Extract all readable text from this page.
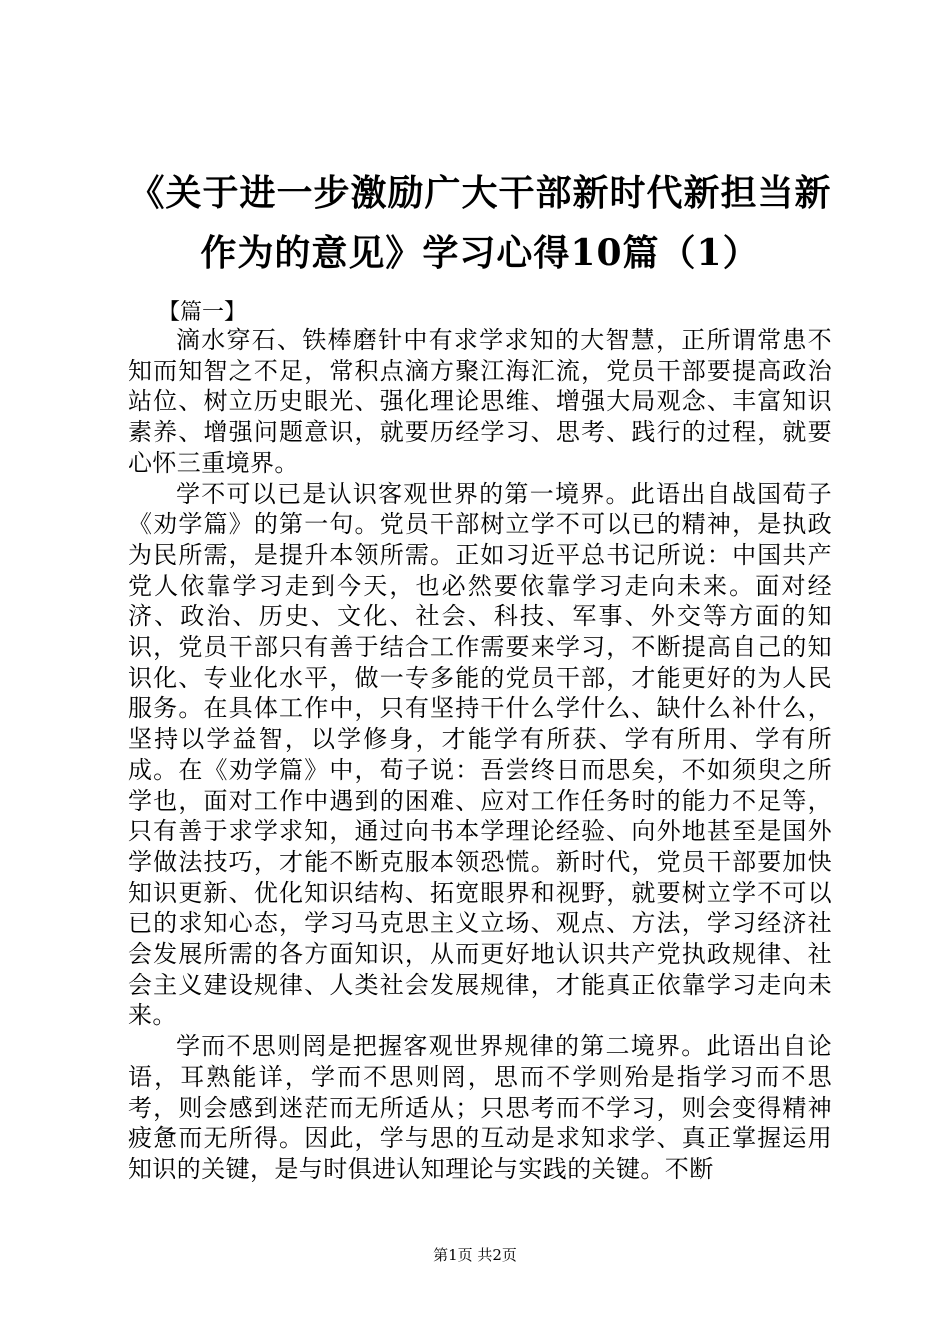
《关于进一步激励广大干部新时代新担当新作为的意见》学习心得10篇（1）
【篇一】

滴水穿石、铁棒磨针中有求学求知的大智慧，正所谓常患不知而知智之不足，常积点滴方聚江海汇流，党员干部要提高政治站位、树立历史眼光、强化理论思维、增强大局观念、丰富知识素养、增强问题意识，就要历经学习、思考、践行的过程，就要心怀三重境界。

学不可以已是认识客观世界的第一境界。此语出自战国荀子《劝学篇》的第一句。党员干部树立学不可以已的精神，是执政为民所需，是提升本领所需。正如习近平总书记所说：中国共产党人依靠学习走到今天，也必然要依靠学习走向未来。面对经济、政治、历史、文化、社会、科技、军事、外交等方面的知识，党员干部只有善于结合工作需要来学习，不断提高自己的知识化、专业化水平，做一专多能的党员干部，才能更好的为人民服务。在具体工作中，只有坚持干什么学什么、缺什么补什么，坚持以学益智，以学修身，才能学有所获、学有所用、学有所成。在《劝学篇》中，荀子说：吾尝终日而思矣，不如须臾之所学也，面对工作中遇到的困难、应对工作任务时的能力不足等，只有善于求学求知，通过向书本学理论经验、向外地甚至是国外学做法技巧，才能不断克服本领恐慌。新时代，党员干部要加快知识更新、优化知识结构、拓宽眼界和视野，就要树立学不可以已的求知心态，学习马克思主义立场、观点、方法，学习经济社会发展所需的各方面知识，从而更好地认识共产党执政规律、社会主义建设规律、人类社会发展规律，才能真正依靠学习走向未来。

学而不思则罔是把握客观世界规律的第二境界。此语出自论语，耳熟能详，学而不思则罔，思而不学则殆是指学习而不思考，则会感到迷茫而无所适从；只思考而不学习，则会变得精神疲惫而无所得。因此，学与思的互动是求知求学、真正掌握运用知识的关键，是与时俱进认知理论与实践的关键。不断

第1页 共2页
